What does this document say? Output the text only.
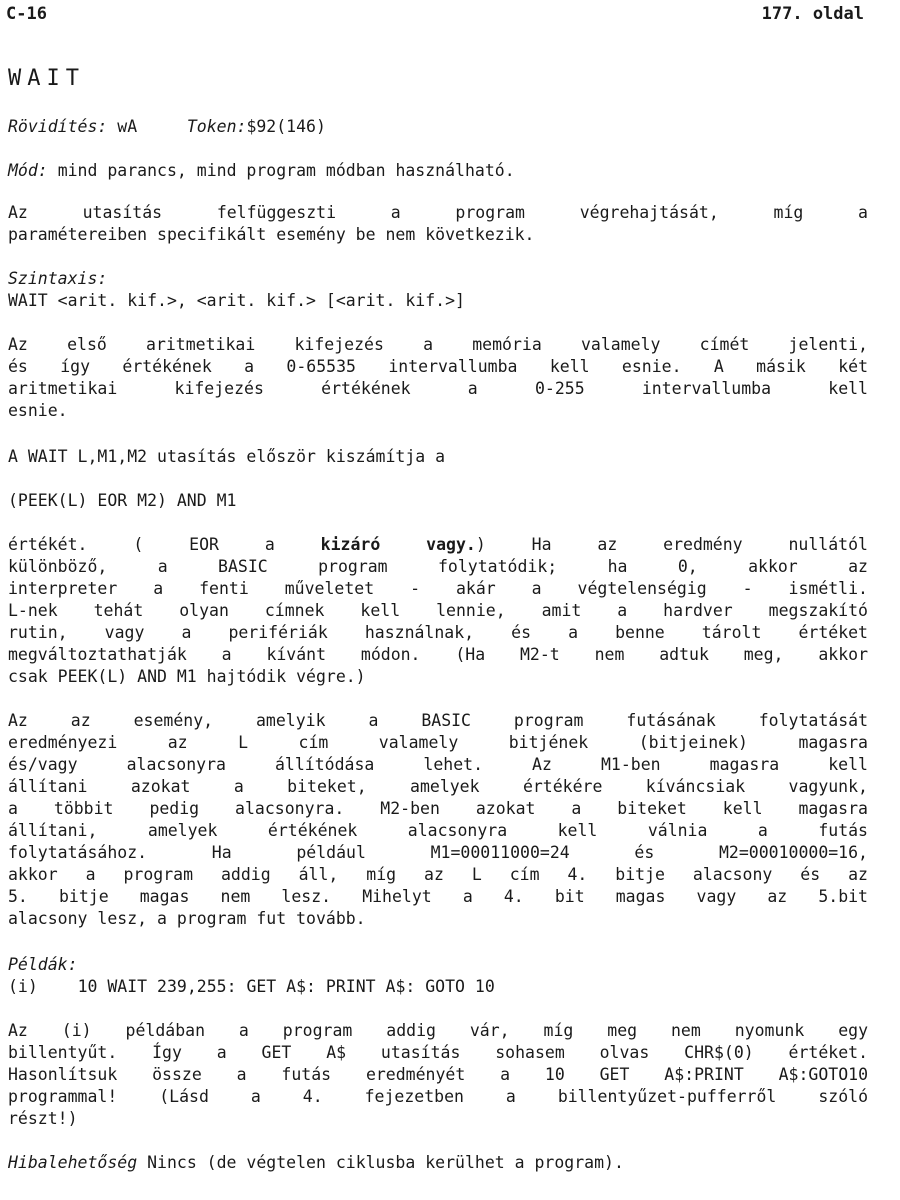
C-16	177. oldal
WAIT
Rövidítés: wA	Token:$92(146)
Mód: mind parancs, mind program módban használható.
Az utasítás felfüggeszti a program végrehajtását, míg a
paramétereiben specifikált esemény be nem következik.
Szintaxis:
WAIT <arit. kif.>, <arit. kif.> [<arit. kif.>]
Az első aritmetikai kifejezés a memória valamely címét jelenti,
és így értékének a 0-65535 intervallumba kell esnie. A másik két
aritmetikai kifejezés értékének a 0-255 intervallumba kell
esnie.
A WAIT L,M1,M2 utasítás először kiszámítja a
(PEEK(L) EOR M2) AND M1
értékét. ( EOR a kizáró vagy.) Ha az eredmény nullától
különböző, a BASIC program folytatódik; ha 0, akkor az
interpreter a fenti műveletet - akár a végtelenségig - ismétli.
L-nek tehát olyan címnek kell lennie, amit a hardver megszakító
rutin, vagy a perifériák használnak, és a benne tárolt értéket
megváltoztathatják a kívánt módon. (Ha M2-t nem adtuk meg, akkor
csak PEEK(L) AND M1 hajtódik végre.)
Az az esemény, amelyik a BASIC program futásának folytatását
eredményezi az L cím valamely bitjének (bitjeinek) magasra
és/vagy alacsonyra állítódása lehet. Az M1-ben magasra kell
állítani azokat a biteket, amelyek értékére kíváncsiak vagyunk,
a többit pedig alacsonyra. M2-ben azokat a biteket kell magasra
állítani, amelyek értékének alacsonyra kell válnia a futás
folytatásához. Ha például M1=00011000=24 és M2=00010000=16,
akkor a program addig áll, míg az L cím 4. bitje alacsony és az
5. bitje magas nem lesz. Mihelyt a 4. bit magas vagy az 5.bit
alacsony lesz, a program fut tovább.
Példák:
(i) 10 WAIT 239,255: GET A$: PRINT A$: GOTO 10
Az (i) példában a program addig vár, míg meg nem nyomunk egy
billentyűt. Így a GET A$ utasítás sohasem olvas CHR$(0) értéket.
Hasonlítsuk össze a futás eredményét a 10 GET A$:PRINT A$:GOTO10
programmal! (Lásd a 4. fejezetben a billentyűzet-pufferről szóló
részt!)
Hibalehetőség Nincs (de végtelen ciklusba kerülhet a program).
